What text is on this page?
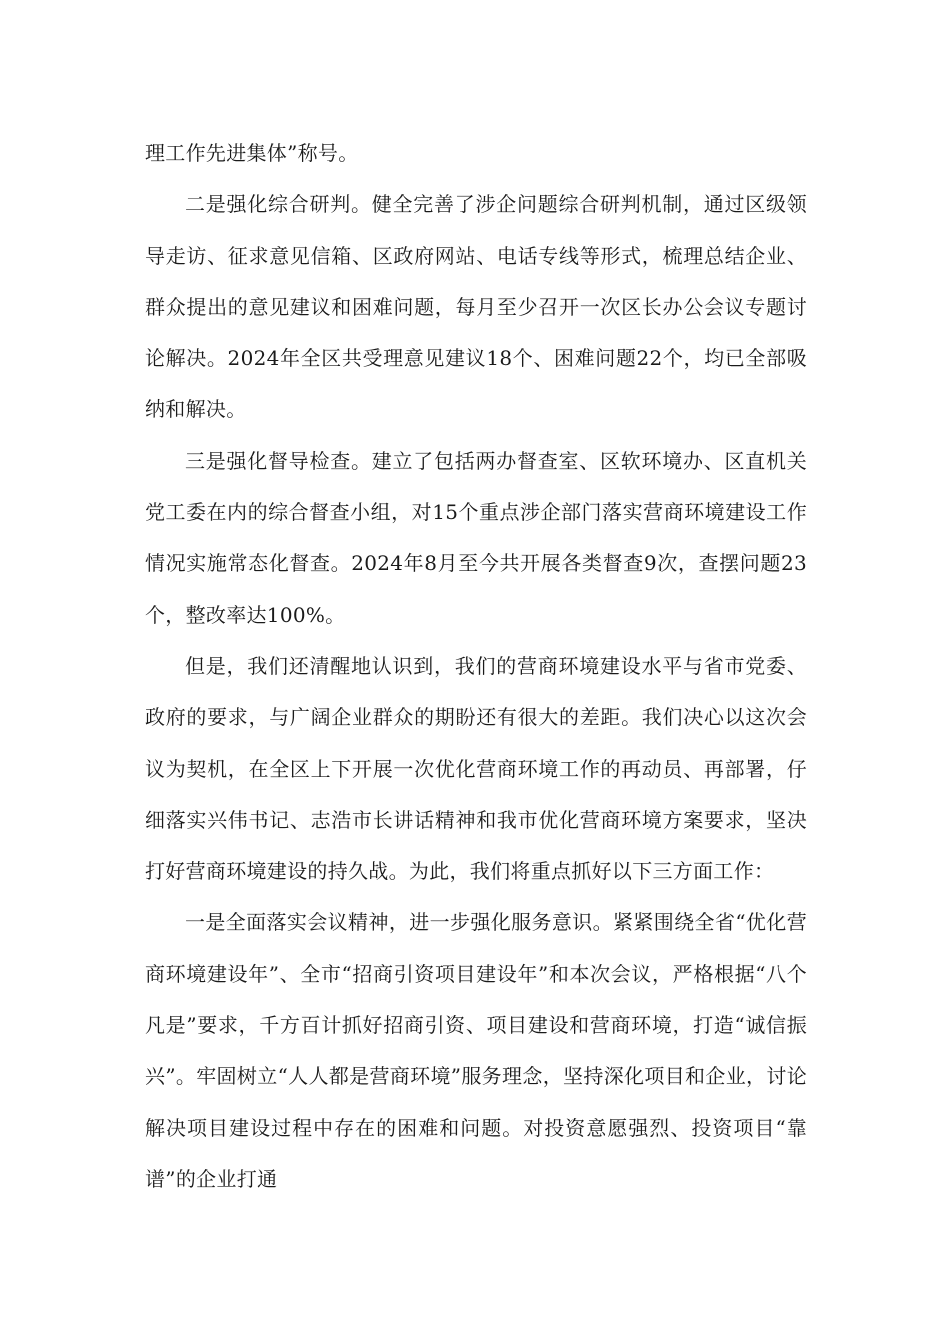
理工作先进集体”称号。

二是强化综合研判。健全完善了涉企问题综合研判机制，通过区级领导走访、征求意见信箱、区政府网站、电话专线等形式，梳理总结企业、群众提出的意见建议和困难问题，每月至少召开一次区长办公会议专题讨论解决。2024年全区共受理意见建议18个、困难问题22个，均已全部吸纳和解决。

三是强化督导检查。建立了包括两办督查室、区软环境办、区直机关党工委在内的综合督查小组，对15个重点涉企部门落实营商环境建设工作情况实施常态化督查。2024年8月至今共开展各类督查9次，查摆问题23个，整改率达100%。

但是，我们还清醒地认识到，我们的营商环境建设水平与省市党委、政府的要求，与广阔企业群众的期盼还有很大的差距。我们决心以这次会议为契机，在全区上下开展一次优化营商环境工作的再动员、再部署，仔细落实兴伟书记、志浩市长讲话精神和我市优化营商环境方案要求，坚决打好营商环境建设的持久战。为此，我们将重点抓好以下三方面工作：

一是全面落实会议精神，进一步强化服务意识。紧紧围绕全省“优化营商环境建设年”、全市“招商引资项目建设年”和本次会议，严格根据“八个凡是”要求，千方百计抓好招商引资、项目建设和营商环境，打造“诚信振兴”。牢固树立“人人都是营商环境”服务理念，坚持深化项目和企业，讨论解决项目建设过程中存在的困难和问题。对投资意愿强烈、投资项目“靠谱”的企业打通
